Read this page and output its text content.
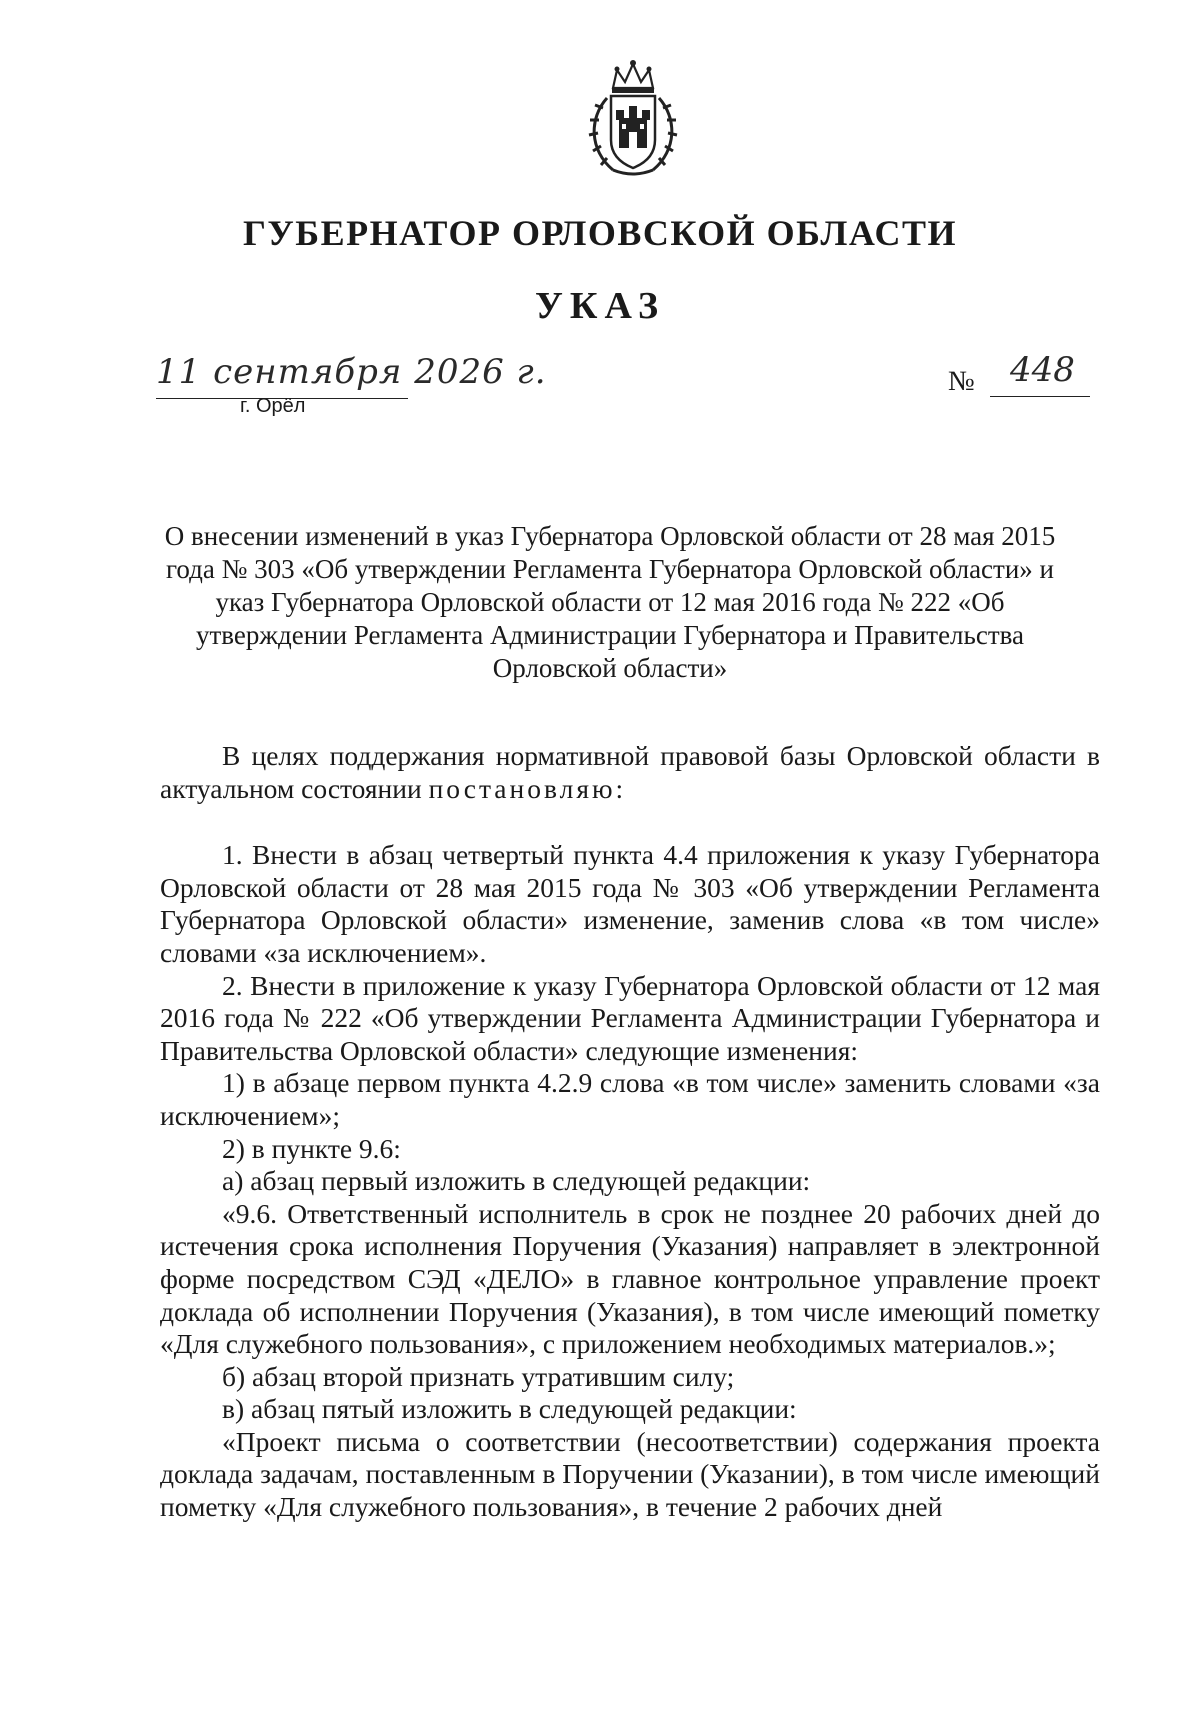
ГУБЕРНАТОР ОРЛОВСКОЙ ОБЛАСТИ
УКАЗ
11 сентября 2026 г.
г. Орёл
№ 448
О внесении изменений в указ Губернатора Орловской области от 28 мая 2015 года № 303 «Об утверждении Регламента Губернатора Орловской области» и указ Губернатора Орловской области от 12 мая 2016 года № 222 «Об утверждении Регламента Администрации Губернатора и Правительства Орловской области»

В целях поддержания нормативной правовой базы Орловской области в актуальном состоянии постановляю:

1. Внести в абзац четвертый пункта 4.4 приложения к указу Губернатора Орловской области от 28 мая 2015 года № 303 «Об утверждении Регламента Губернатора Орловской области» изменение, заменив слова «в том числе» словами «за исключением».

2. Внести в приложение к указу Губернатора Орловской области от 12 мая 2016 года № 222 «Об утверждении Регламента Администрации Губернатора и Правительства Орловской области» следующие изменения:

1) в абзаце первом пункта 4.2.9 слова «в том числе» заменить словами «за исключением»;

2) в пункте 9.6:

а) абзац первый изложить в следующей редакции:

«9.6. Ответственный исполнитель в срок не позднее 20 рабочих дней до истечения срока исполнения Поручения (Указания) направляет в электронной форме посредством СЭД «ДЕЛО» в главное контрольное управление проект доклада об исполнении Поручения (Указания), в том числе имеющий пометку «Для служебного пользования», с приложением необходимых материалов.»;

б) абзац второй признать утратившим силу;

в) абзац пятый изложить в следующей редакции:

«Проект письма о соответствии (несоответствии) содержания проекта доклада задачам, поставленным в Поручении (Указании), в том числе имеющий пометку «Для служебного пользования», в течение 2 рабочих дней
